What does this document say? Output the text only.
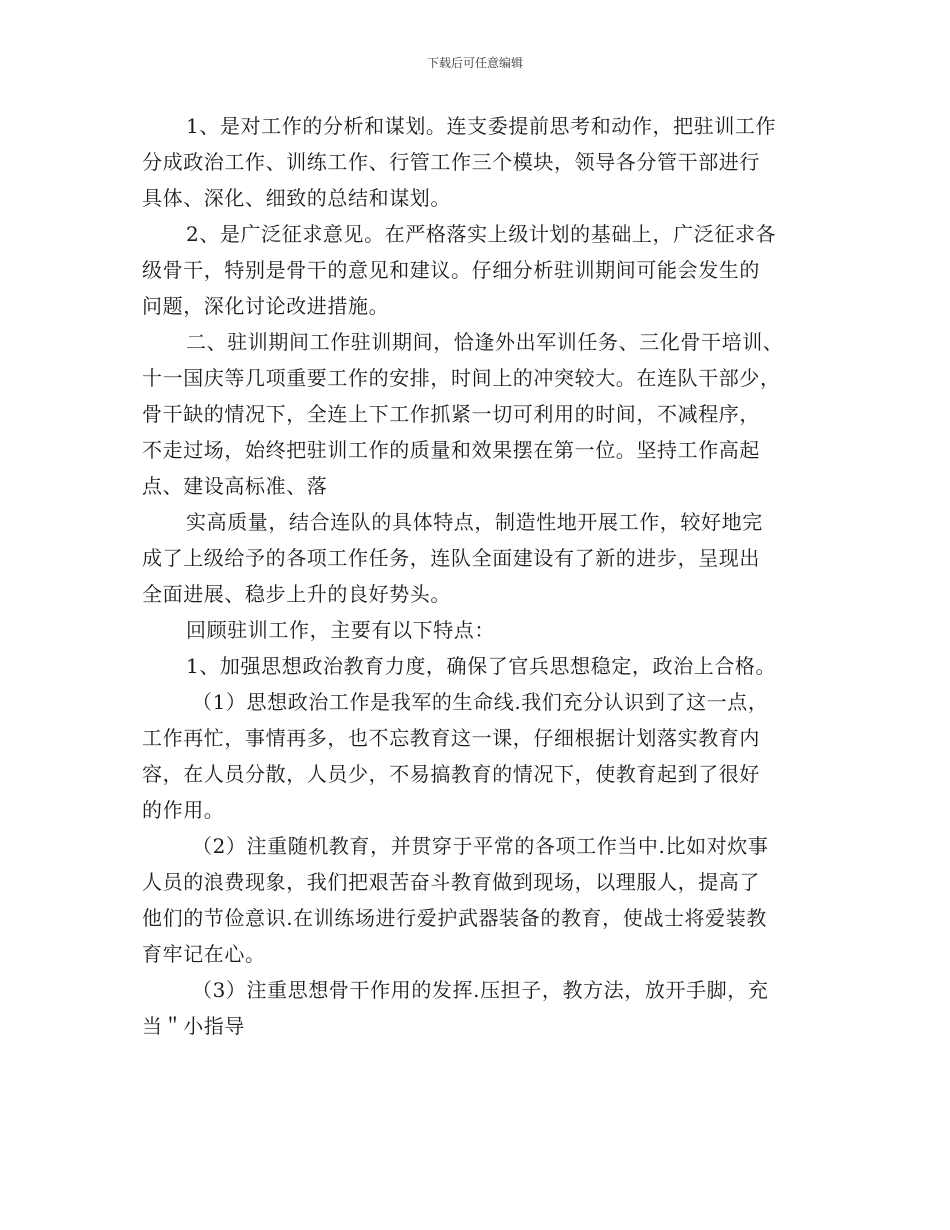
下载后可任意编辑
1、是对工作的分析和谋划。连支委提前思考和动作，把驻训工作
分成政治工作、训练工作、行管工作三个模块，领导各分管干部进行
具体、深化、细致的总结和谋划。
2、是广泛征求意见。在严格落实上级计划的基础上，广泛征求各
级骨干，特别是骨干的意见和建议。仔细分析驻训期间可能会发生的
问题，深化讨论改进措施。
二、驻训期间工作驻训期间，恰逢外出军训任务、三化骨干培训、
十一国庆等几项重要工作的安排，时间上的冲突较大。在连队干部少，
骨干缺的情况下，全连上下工作抓紧一切可利用的时间，不减程序，
不走过场，始终把驻训工作的质量和效果摆在第一位。坚持工作高起
点、建设高标准、落
实高质量，结合连队的具体特点，制造性地开展工作，较好地完
成了上级给予的各项工作任务，连队全面建设有了新的进步，呈现出
全面进展、稳步上升的良好势头。
回顾驻训工作，主要有以下特点：
1、加强思想政治教育力度，确保了官兵思想稳定，政治上合格。
（1）思想政治工作是我军的生命线.我们充分认识到了这一点，
工作再忙，事情再多，也不忘教育这一课，仔细根据计划落实教育内
容，在人员分散，人员少，不易搞教育的情况下，使教育起到了很好
的作用。
（2）注重随机教育，并贯穿于平常的各项工作当中.比如对炊事
人员的浪费现象，我们把艰苦奋斗教育做到现场，以理服人，提高了
他们的节俭意识.在训练场进行爱护武器装备的教育，使战士将爱装教
育牢记在心。
（3）注重思想骨干作用的发挥.压担子，教方法，放开手脚，充
当＂小指导
